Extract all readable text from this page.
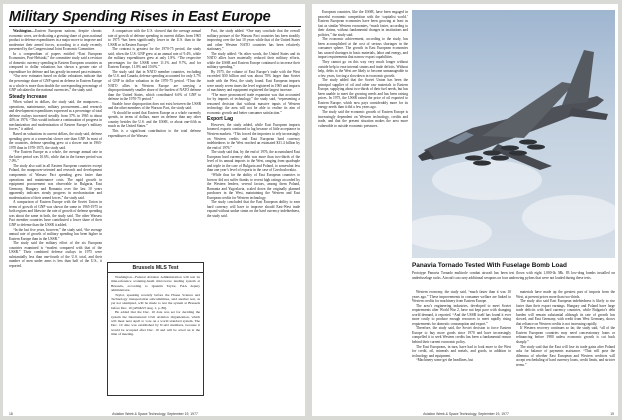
Military Spending Rises in East Europe

Washington—Eastern European nations, despite chronic economic woes, are dedicating a growing share of gross national product to defense expenditures in a major move to improve and modernize their armed forces, according to a study recently presented by the Congressional Joint Economic Committee.

In a compendium of papers entitled “East European Economies, Post-Helsinki,” the committee study said a revision of domestic currency spending in Eastern European countries as compared to dollar valuations has shown a greater rate of expenditure for defense and has greatly increased past estimates.

“Our new estimates based on dollar valuations indicate that the percentage share of GNP spent on defense in Eastern Europe as a whole is more than double the corresponding percentage of GNP calculated in the national currencies,” the study said.

Steady Increase

When valued in dollars, the study said, the manpower—operations, maintenance, military procurement—and research and development expenditures expressed as a percentage of total defense outlays increased steadily from 37% in 1965 to about 44% in 1976. “This would indicate a continuation of progress in mechanization and modernization of Eastern Europe’s military forces,” it added.

Based on valuations in current dollars, the study said, defense spending grew at a somewhat slower rate than GNP. In most of the countries, defense spending grew at a slower rate in 1965-1970 than in 1970-1975, the study said.

“For Eastern Europe as a whole, the average annual rate in the latter period was 10.6%, while that in the former period was 7.0%.”

The study also said in all Eastern European countries except Poland, the manpower-oriented and research and development components of Warsaw Pact spending grew faster than operations and maintenance costs. The rapid growth in equipment procurement was observable in Bulgaria, East Germany, Hungary and Romania over the last 10 years apparently indicates steady progress in mechanization and modernization of their armed forces,” the study said.

A comparison of Eastern Europe with the Soviet Union in terms of growth of GNP was shown the same in 1965-1975 in both regions and likewise the rate of growth of defense spending was about the same in both, the study said. The other Warsaw Pact member countries have contributed a lower share of their GNP to defense than the USSR it added.

“In the last five years, however,” the study said, “the average annual rate of growth of military spending has been higher in Eastern Europe than in the USSR.”

The study said the military effort of the six European countries examined is “modest compared with that of the USSR.” Their combined defense outlays in 1975 were substantially less than one-fourth of the U.S. total, and their number of men under arms is less than half of the U.S., it reported.

A comparison with the U.S. showed that the average annual rate of growth of defense spending in current dollars from 1965 to 1975 “has been significantly lower in the U.S. than in the USSR or in Eastern Europe.”

The contrast is greatest for the 1970-75 period, the study said, when the U.S. GNP grew at an annual rate of 9.4%, while the military expenditures grew at only 1.8%. “The respective percentages for the USSR were 11.1% and 9.7%, and for Eastern Europe, 11.8% and 10.6%.”

The study said that in NATO member countries, excluding the U.S. and Canada, defense spending accounted for only 3.7% of GNP in dollar valuation in the 1970-75 period. “Thus the NATO allies in Western Europe are carrying a disproportionately smaller share of the burden of NATO defense than the United States, which contributed 6.6% of GNP to defense in the 1970-75 period.”

Sizable force disproportion does not exist between the USSR and the other members of the Warsaw Pact, the study said.

“It should be noted that Eastern Europe as a whole currently spends, in terms of dollars, more on defense than any other country besides the U.S. and the USSR, or about one-fifth as much as the United States.”

This is a significant contribution to the total defense expenditures of the Warsaw

Brussels MLS Test

Washington—Federal Aviation Administration will test its time-reference scanning-beam microwave landing system at Brussels, according to Quentin Taylor, FAA deputy administrator.

Taylor, speaking recently before the House Science and Technology transportation subcommittee, said another test, as yet not attempted, will be made to test the system at Brussels before Dec. 10 [AW&ST Aug. 1, p. 86].

He added that the Dec. 10 date was set for deciding the system the International Civil Aviation Organization, which will meet next April to vote on a world standard system. The Dec. 10 date was established by ICAO members, because it would be accepted after Dec. 10 and will be acted on at the time of meeting.

Pact, the study added. “One may conclude that the overall military posture of the Warsaw Pact countries has been steadily improving over the last 10 years while that of the United States and other Western NATO countries has been relatively stationary.”

The study added: “In other words, the United States and its NATO allies have materially reduced their military efforts, while the USSR and Eastern Europe continued to increase their military spending.”

By 1975, the volume of East Europe’s trade with the West exceeded $30 billion and was about 70% larger than Soviet trade with the West, the study found. East European imports were nearly seven times the level registered in 1965 and imports of machinery and equipment registered the largest increase.

“The more pronounced trade expansion was that accounted for by imports of technology,” the study said, “representing a reasoned decision that without massive inputs of Western technology the area will not be able to realize its aim of economic growth and better consumer satisfaction.”

Export Lag

However, the study added, while East European imports boomed, exports continued to lag because of little acceptance in Western markets. “This forced the importers to rely increasingly on Western credits and East European hard currency indebtedness to the West reached an estimated $31.4 billion by the end of 1976.”

The study said that, by the end of 1976, the accumulated East European hard currency debt was more than two-thirds of the level of its annual imports to the West, ranging from quadruple and triple in the case of Bulgaria and Poland, to somewhat less than one year’s level of exports in the case of Czechoslovakia.

“While thus far the ability of East European countries to borrow did not suffer thanks to recent high ratings accorded by the Western lenders, several factors, among them Poland, Romania and Yugoslavia, scaled down the originally planned purchases in the West, maintaining the Western and East European credits for Western technology.

The study concluded that the East European ability to earn hard currency will have to improve should East-West trade expand without undue strain on the hard currency indebtedness, the study said.

18	Aviation Week & Space Technology, September 19, 1977

European countries, like the USSR, have been engaged in peaceful economic competition with the ‘capitalist world.’ Eastern European economies have been growing at least as fast as similar Western economies, “much faster, according to their claims, without fundamental changes in institutions and policies,” the study said.

The economic achievement, according to the study, has been accomplished at the cost of serious shortages in the consumer sphere. The growth in East European economies has caused shortages in basic materials, labor and energy, and import requirements that narrow export capabilities.

They cannot go on this way very much longer without outside help to ease internal strains and trade deficits. Without help, debts to the West are likely to become unmanageable in a few years, forcing a slowdown in economic growth.

The study added that the Soviet Union has been the principal supplier of oil and other raw materials to Eastern Europe, supplying about two-thirds of their fuel needs, but has been unable to meet the growing needs and has been raising prices. In 1975, the USSR raised the price of oil exported to Eastern Europe, which now pays considerably more for its energy needs than it did a few years ago.

The study said the economic growth of Eastern Europe is increasingly dependent on Western technology, credits and trade, and that the present situation makes the area more vulnerable to outside economic pressures.

Panavia Tornado Tested With Fuselage Bomb Load
Prototype Panavia Tornado multirole combat aircraft has been test flown with eight 1,000-lb. Mk. 83 low-drag bombs installed on underfuselage racks. Aircraft can carry additional weapons on four underwing pylons that were not loaded during these tests.

Western economy, the study said, “much faster than it was 10 years ago.” These improvements in consumer welfare are linked to Western credits for machinery from Eastern Europe.

The area’s engineering industries, developed to meet Soviet requirements after World War 2, have not kept pace with changing world demand, it reported. “And the USSR itself has found it ever more costly to produce enough resources to meet rapidly rising requirements for domestic consumption and export.”

Therefore, the study said, the Soviet decision to force Eastern Europe to buy more goods since 1970 and have increasingly compelled it to seek Western credits has been a fundamental reason behind their current economic policy.

The East Europeans, in turn, have had to look more to the West for credit, oil, minerals and metals, and goods, in addition to technology and equipment.

“Machinery some get the headlines, but

materials have made up the greatest part of imports from the West, at present prices more than two-thirds.

The study also said East European indebtedness is likely to rise faster than their export earnings. Hungary and Poland have large trade deficits with hard currency countries, while Bulgaria’s debt burden will remain substantial although its rate of growth has slowed, and East Germany, with credit from West Germany, shows that reliance on Western credits is not increasing rapidly.

If Western recovery continues so far, the study said, “all of the Eastern European countries may need concessionary loans or refinancing before 1980 unless economic growth is cut back sharply.”

The study said that the East will lose its trade gains after Poland asks for balance of payments assistance. “That will pose the dilemma of whether East European and Western creditors will accept rescheduling of hard currency loans, credit limits, and stricter terms.”

Aviation Week & Space Technology, September 19, 1977	19
